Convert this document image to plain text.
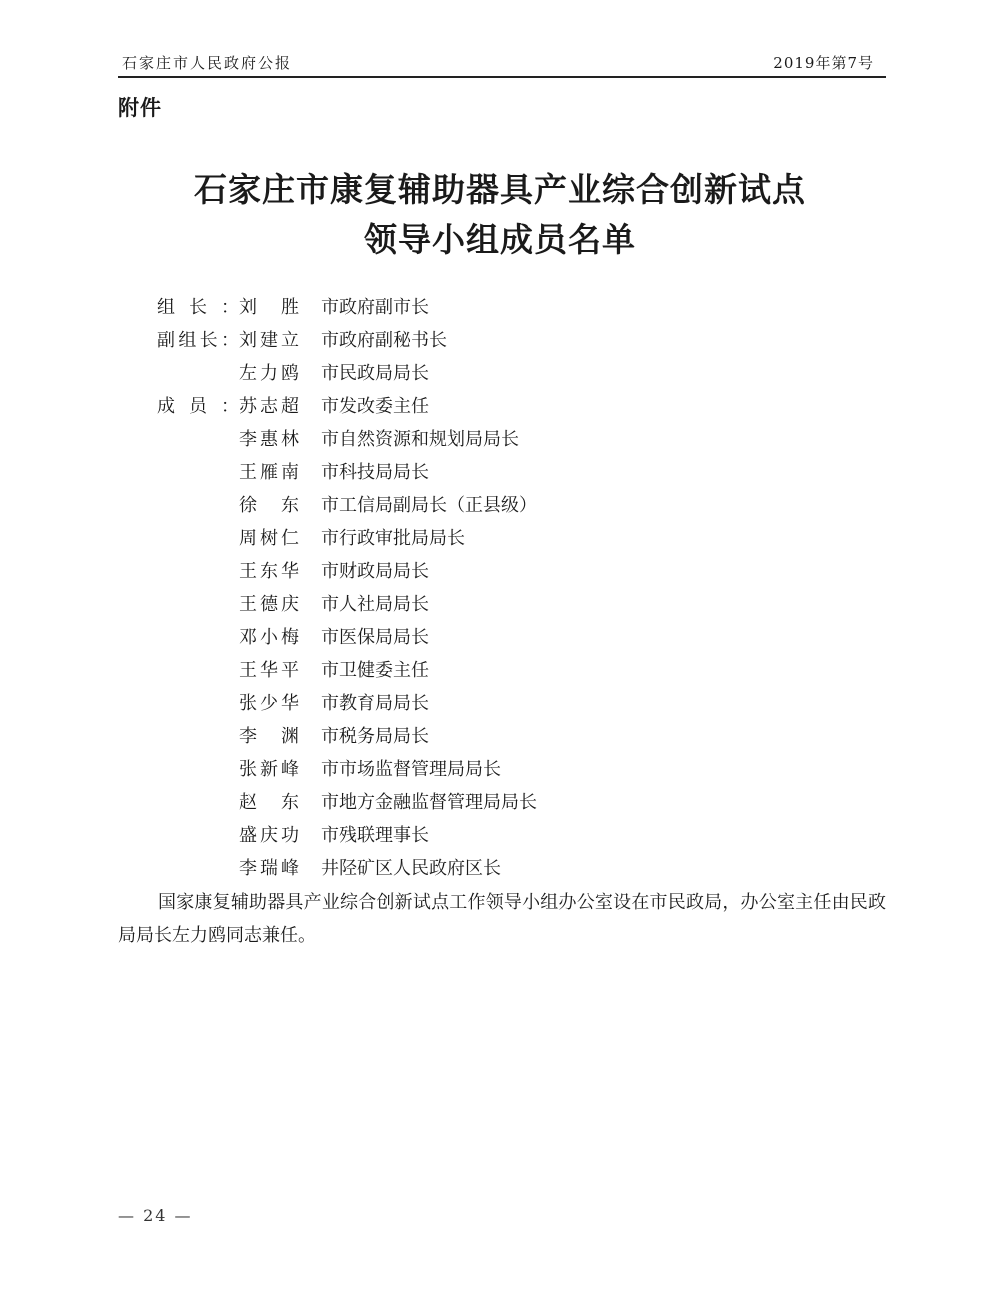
石家庄市人民政府公报	2019年第7号
附件
石家庄市康复辅助器具产业综合创新试点
领导小组成员名单
组长：刘胜 市政府副市长
副组长：刘建立 市政府副秘书长
左力鸥 市民政局局长
成员：苏志超 市发改委主任
李惠林 市自然资源和规划局局长
王雁南 市科技局局长
徐东 市工信局副局长（正县级）
周树仁 市行政审批局局长
王东华 市财政局局长
王德庆 市人社局局长
邓小梅 市医保局局长
王华平 市卫健委主任
张少华 市教育局局长
李渊 市税务局局长
张新峰 市市场监督管理局局长
赵东 市地方金融监督管理局局长
盛庆功 市残联理事长
李瑞峰 井陉矿区人民政府区长

国家康复辅助器具产业综合创新试点工作领导小组办公室设在市民政局，办公室主任由民政局局长左力鸥同志兼任。

— 24 —
